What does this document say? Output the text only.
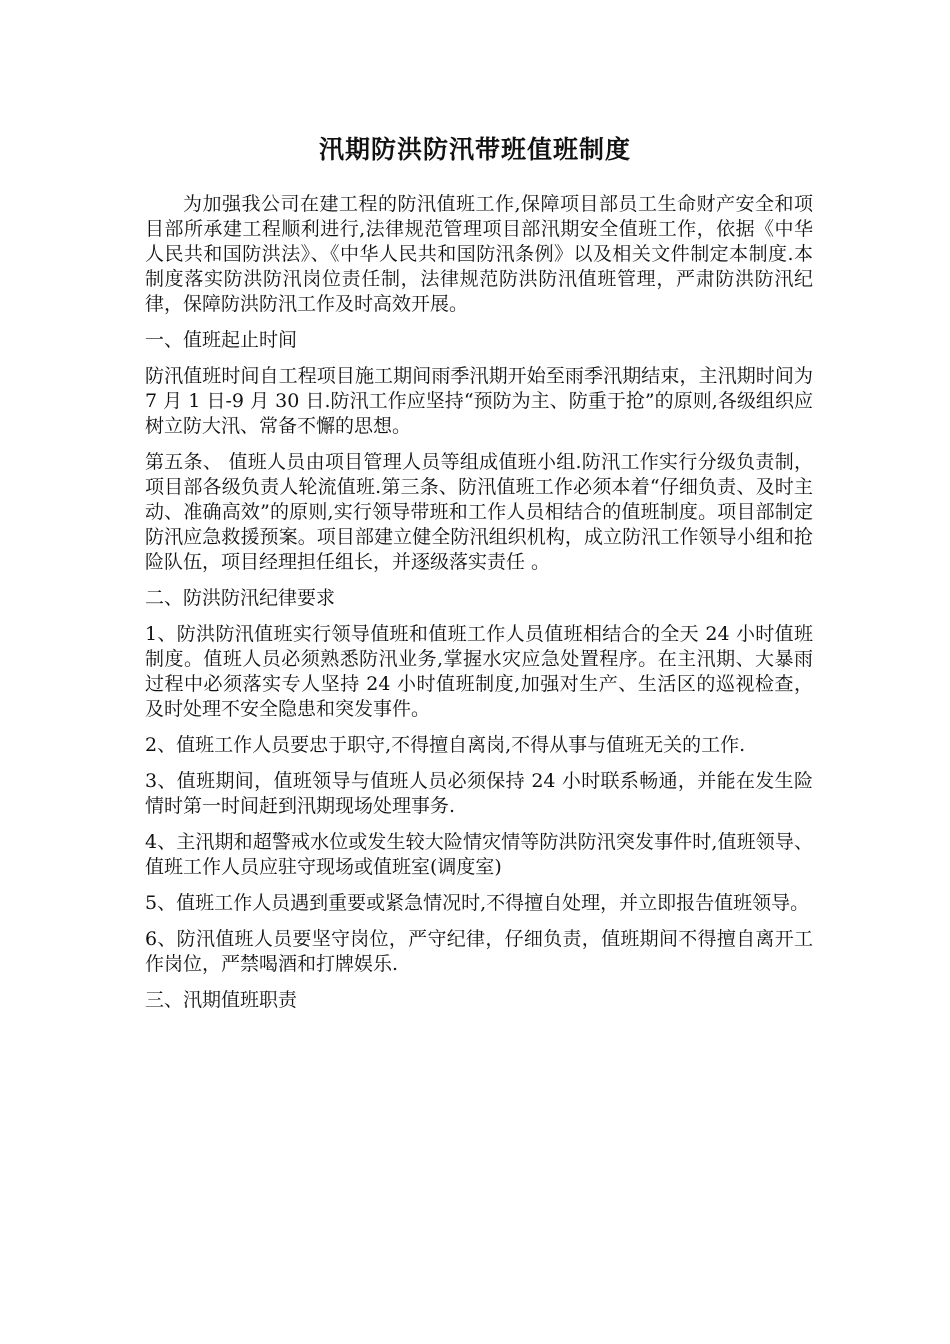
汛期防洪防汛带班值班制度

为加强我公司在建工程的防汛值班工作,保障项目部员工生命财产安全和项目部所承建工程顺利进行,法律规范管理项目部汛期安全值班工作，依据《中华人民共和国防洪法》、《中华人民共和国防汛条例》以及相关文件制定本制度.本制度落实防洪防汛岗位责任制，法律规范防洪防汛值班管理，严肃防洪防汛纪律，保障防洪防汛工作及时高效开展。

一、值班起止时间

防汛值班时间自工程项目施工期间雨季汛期开始至雨季汛期结束，主汛期时间为 7 月 1 日-9 月 30 日.防汛工作应坚持“预防为主、防重于抢”的原则,各级组织应树立防大汛、常备不懈的思想。

第五条、 值班人员由项目管理人员等组成值班小组.防汛工作实行分级负责制，项目部各级负责人轮流值班.第三条、防汛值班工作必须本着“仔细负责、及时主动、准确高效”的原则,实行领导带班和工作人员相结合的值班制度。项目部制定防汛应急救援预案。项目部建立健全防汛组织机构，成立防汛工作领导小组和抢险队伍，项目经理担任组长，并逐级落实责任 。

二、防洪防汛纪律要求

1、防洪防汛值班实行领导值班和值班工作人员值班相结合的全天 24 小时值班制度。值班人员必须熟悉防汛业务,掌握水灾应急处置程序。在主汛期、大暴雨过程中必须落实专人坚持 24 小时值班制度,加强对生产、生活区的巡视检查，及时处理不安全隐患和突发事件。

2、值班工作人员要忠于职守,不得擅自离岗,不得从事与值班无关的工作.

3、值班期间，值班领导与值班人员必须保持 24 小时联系畅通，并能在发生险情时第一时间赶到汛期现场处理事务.

4、主汛期和超警戒水位或发生较大险情灾情等防洪防汛突发事件时,值班领导、值班工作人员应驻守现场或值班室(调度室)

5、值班工作人员遇到重要或紧急情况时,不得擅自处理，并立即报告值班领导。

6、防汛值班人员要坚守岗位，严守纪律，仔细负责，值班期间不得擅自离开工作岗位，严禁喝酒和打牌娱乐.

三、汛期值班职责
